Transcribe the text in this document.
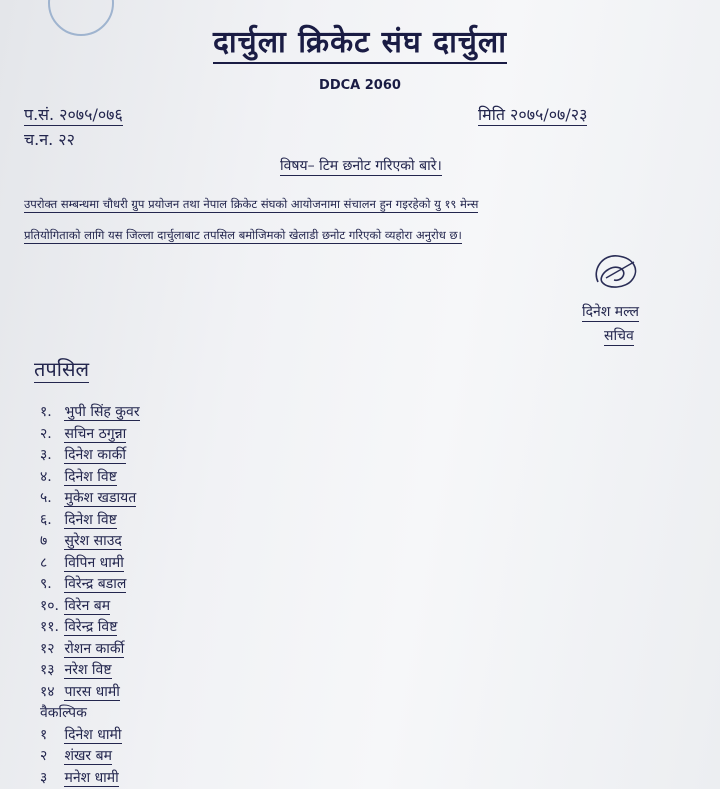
दार्चुला क्रिकेट संघ दार्चुला
DDCA 2060
प.सं. २०७५/०७६
च.न. २२
मिति २०७५/०७/२३
विषय– टिम छनोट गरिएको बारे।
उपरोक्त सम्बन्धमा चौधरी ग्रुप प्रयोजन तथा नेपाल क्रिकेट संघको आयोजनामा संचालन हुन गइरहेको यु १९ मेन्स
प्रतियोगिताको लागि यस जिल्ला दार्चुलाबाट तपसिल बमोजिमको खेलाडी छनोट गरिएको व्यहोरा अनुरोध छ।
दिनेश मल्ल
सचिव
तपसिल
१. भुपी सिंह कुवर
२. सचिन ठगुन्ना
३. दिनेश कार्की
४. दिनेश विष्ट
५. मुकेश खडायत
६. दिनेश विष्ट
७ सुरेश साउद
८ विपिन धामी
९. विरेन्द्र बडाल
१०. विरेन बम
११. विरेन्द्र विष्ट
१२ रोशन कार्की
१३ नरेश विष्ट
१४ पारस धामी
वैकल्पिक
१ दिनेश धामी
२ शंखर बम
३ मनेश धामी
